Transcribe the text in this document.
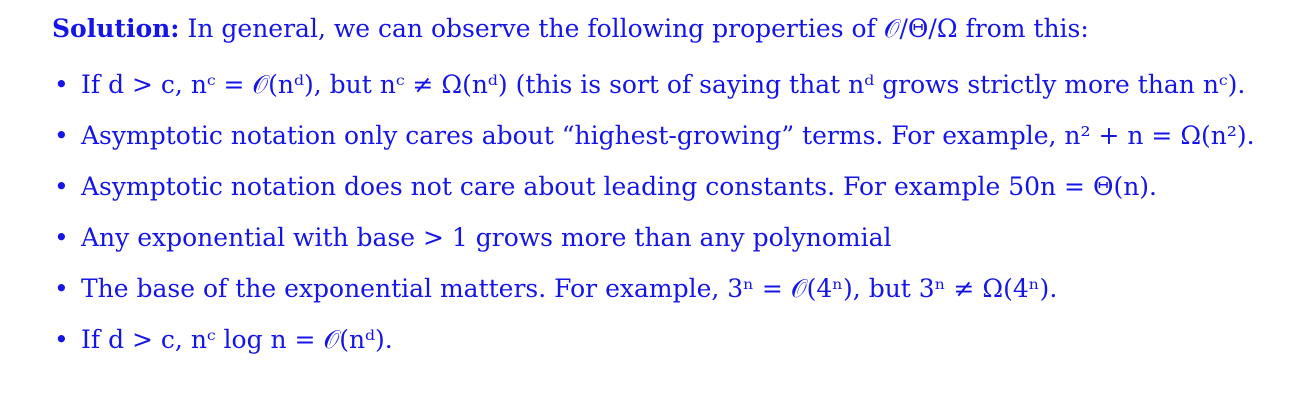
Solution: In general, we can observe the following properties of 𝒪/Θ/Ω from this:
• If d > c, nᶜ = 𝒪(nᵈ), but nᶜ ≠ Ω(nᵈ) (this is sort of saying that nᵈ grows strictly more than nᶜ).
• Asymptotic notation only cares about “highest-growing” terms. For example, n² + n = Ω(n²).
• Asymptotic notation does not care about leading constants. For example 50n = Θ(n).
• Any exponential with base > 1 grows more than any polynomial
• The base of the exponential matters. For example, 3ⁿ = 𝒪(4ⁿ), but 3ⁿ ≠ Ω(4ⁿ).
• If d > c, nᶜ log n = 𝒪(nᵈ).
